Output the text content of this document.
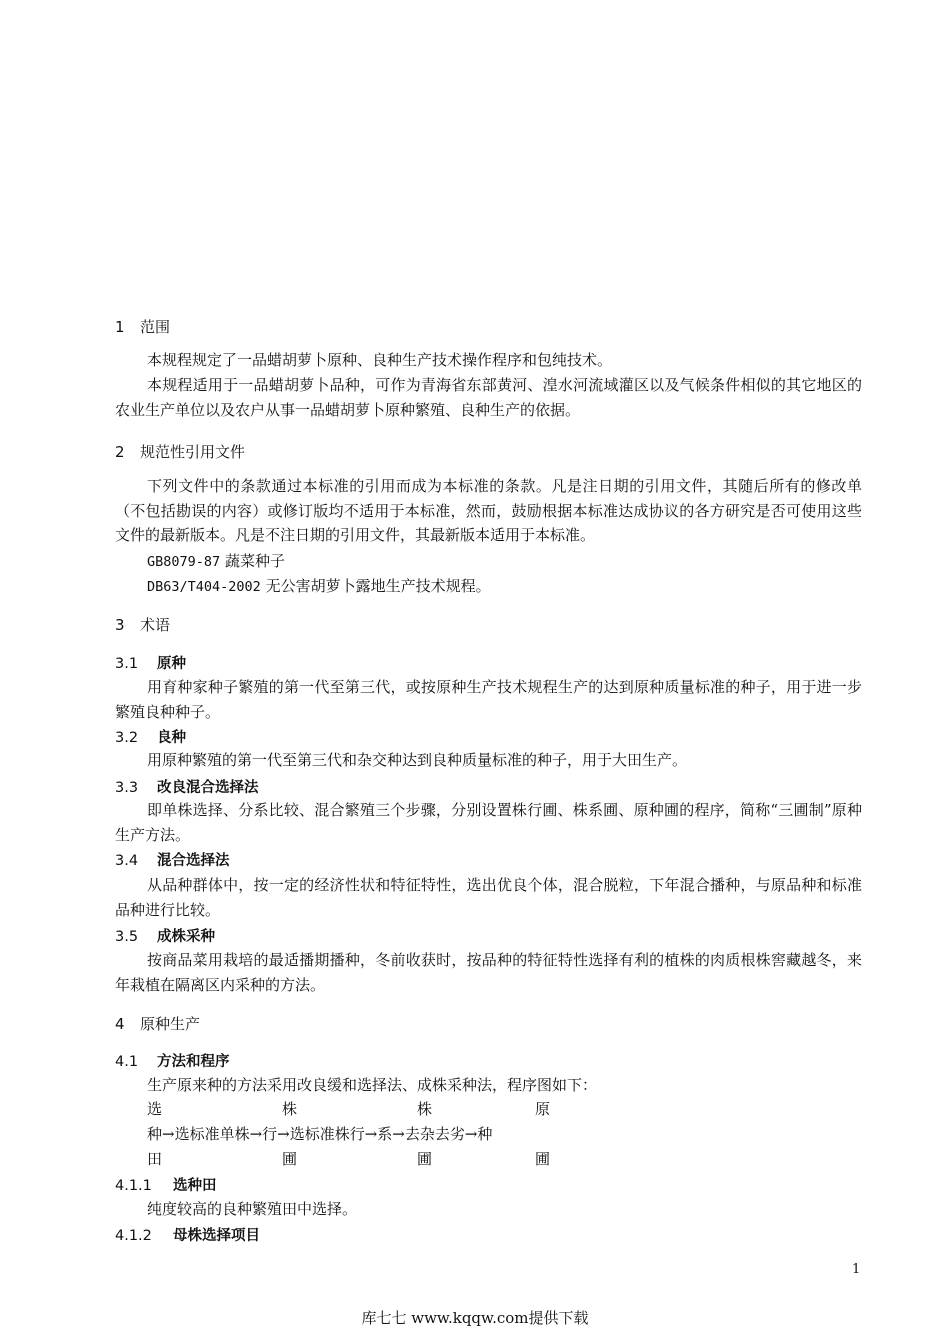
1 范围
本规程规定了一品蜡胡萝卜原种、良种生产技术操作程序和包纯技术。
本规程适用于一品蜡胡萝卜品种，可作为青海省东部黄河、湟水河流域灌区以及气候条件相似的其它地区的农业生产单位以及农户从事一品蜡胡萝卜原种繁殖、良种生产的依据。
2 规范性引用文件
下列文件中的条款通过本标准的引用而成为本标准的条款。凡是注日期的引用文件，其随后所有的修改单（不包括勘误的内容）或修订版均不适用于本标准，然而，鼓励根据本标准达成协议的各方研究是否可使用这些文件的最新版本。凡是不注日期的引用文件，其最新版本适用于本标准。
GB8079-87 蔬菜种子
DB63/T404-2002 无公害胡萝卜露地生产技术规程。
3 术语
3.1 原种
用育种家种子繁殖的第一代至第三代，或按原种生产技术规程生产的达到原种质量标准的种子，用于进一步繁殖良种种子。
3.2 良种
用原种繁殖的第一代至第三代和杂交种达到良种质量标准的种子，用于大田生产。
3.3 改良混合选择法
即单株选择、分系比较、混合繁殖三个步骤，分别设置株行圃、株系圃、原种圃的程序，简称“三圃制”原种生产方法。
3.4 混合选择法
从品种群体中，按一定的经济性状和特征特性，选出优良个体，混合脱粒，下年混合播种，与原品种和标准品种进行比较。
3.5 成株采种
按商品菜用栽培的最适播期播种，冬前收获时，按品种的特征特性选择有利的植株的肉质根株窖藏越冬，来年栽植在隔离区内采种的方法。
4 原种生产
4.1 方法和程序
生产原来种的方法采用改良缓和选择法、成株采种法，程序图如下：
选	株	株	原
种→选标准单株→行→选标准株行→系→去杂去劣→种
田	圃	圃	圃
4.1.1 选种田
纯度较高的良种繁殖田中选择。
4.1.2 母株选择项目
1
库七七 www.kqqw.com提供下载
